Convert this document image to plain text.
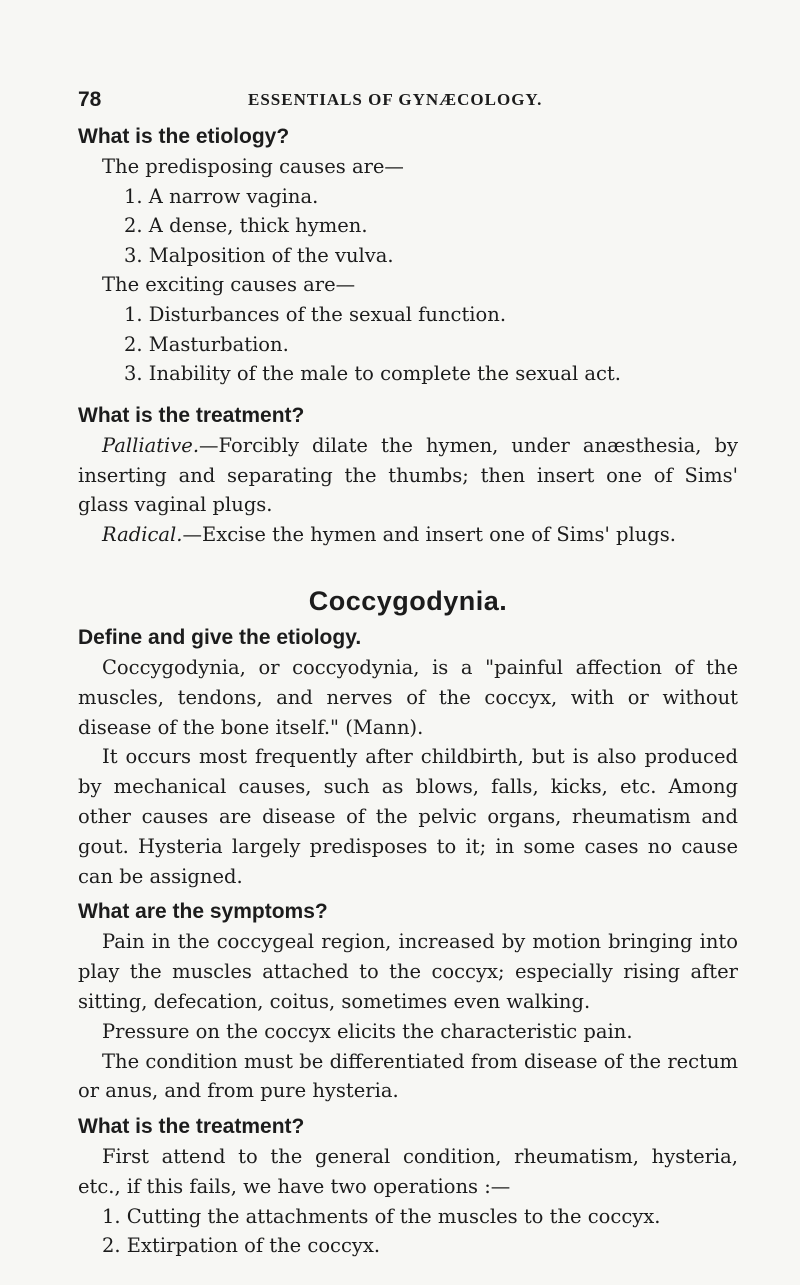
78	ESSENTIALS OF GYNÆCOLOGY.

What is the etiology?

The predisposing causes are—

1. A narrow vagina.

2. A dense, thick hymen.

3. Malposition of the vulva.

The exciting causes are—

1. Disturbances of the sexual function.

2. Masturbation.

3. Inability of the male to complete the sexual act.

What is the treatment?

Palliative.—Forcibly dilate the hymen, under anæsthesia, by inserting and separating the thumbs; then insert one of Sims' glass vaginal plugs.

Radical.—Excise the hymen and insert one of Sims' plugs.

Coccygodynia.

Define and give the etiology.

Coccygodynia, or coccyodynia, is a "painful affection of the muscles, tendons, and nerves of the coccyx, with or without disease of the bone itself." (Mann).

It occurs most frequently after childbirth, but is also produced by mechanical causes, such as blows, falls, kicks, etc. Among other causes are disease of the pelvic organs, rheumatism and gout. Hysteria largely predisposes to it; in some cases no cause can be assigned.

What are the symptoms?

Pain in the coccygeal region, increased by motion bringing into play the muscles attached to the coccyx; especially rising after sitting, defecation, coitus, sometimes even walking.

Pressure on the coccyx elicits the characteristic pain.

The condition must be differentiated from disease of the rectum or anus, and from pure hysteria.

What is the treatment?

First attend to the general condition, rheumatism, hysteria, etc., if this fails, we have two operations :—

1. Cutting the attachments of the muscles to the coccyx.

2. Extirpation of the coccyx.
